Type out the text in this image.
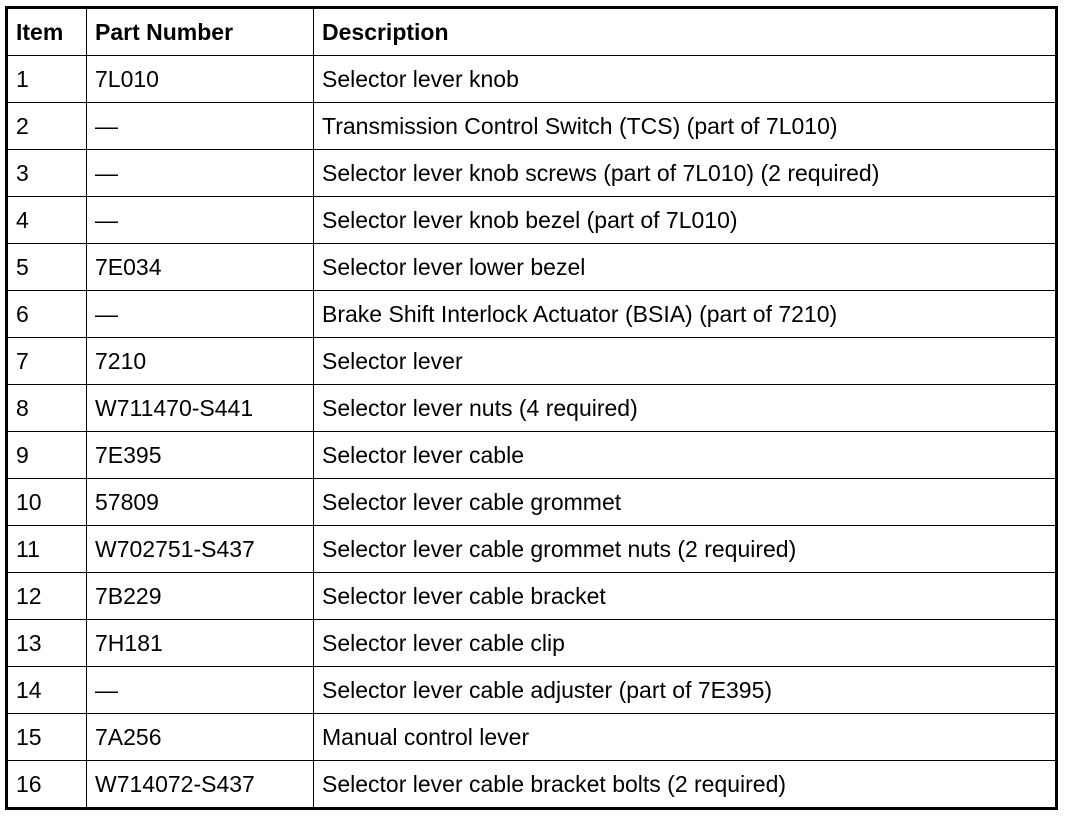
Item	Part Number	Description
1	7L010	Selector lever knob
2	—	Transmission Control Switch (TCS) (part of 7L010)
3	—	Selector lever knob screws (part of 7L010) (2 required)
4	—	Selector lever knob bezel (part of 7L010)
5	7E034	Selector lever lower bezel
6	—	Brake Shift Interlock Actuator (BSIA) (part of 7210)
7	7210	Selector lever
8	W711470-S441	Selector lever nuts (4 required)
9	7E395	Selector lever cable
10	57809	Selector lever cable grommet
11	W702751-S437	Selector lever cable grommet nuts (2 required)
12	7B229	Selector lever cable bracket
13	7H181	Selector lever cable clip
14	—	Selector lever cable adjuster (part of 7E395)
15	7A256	Manual control lever
16	W714072-S437	Selector lever cable bracket bolts (2 required)
